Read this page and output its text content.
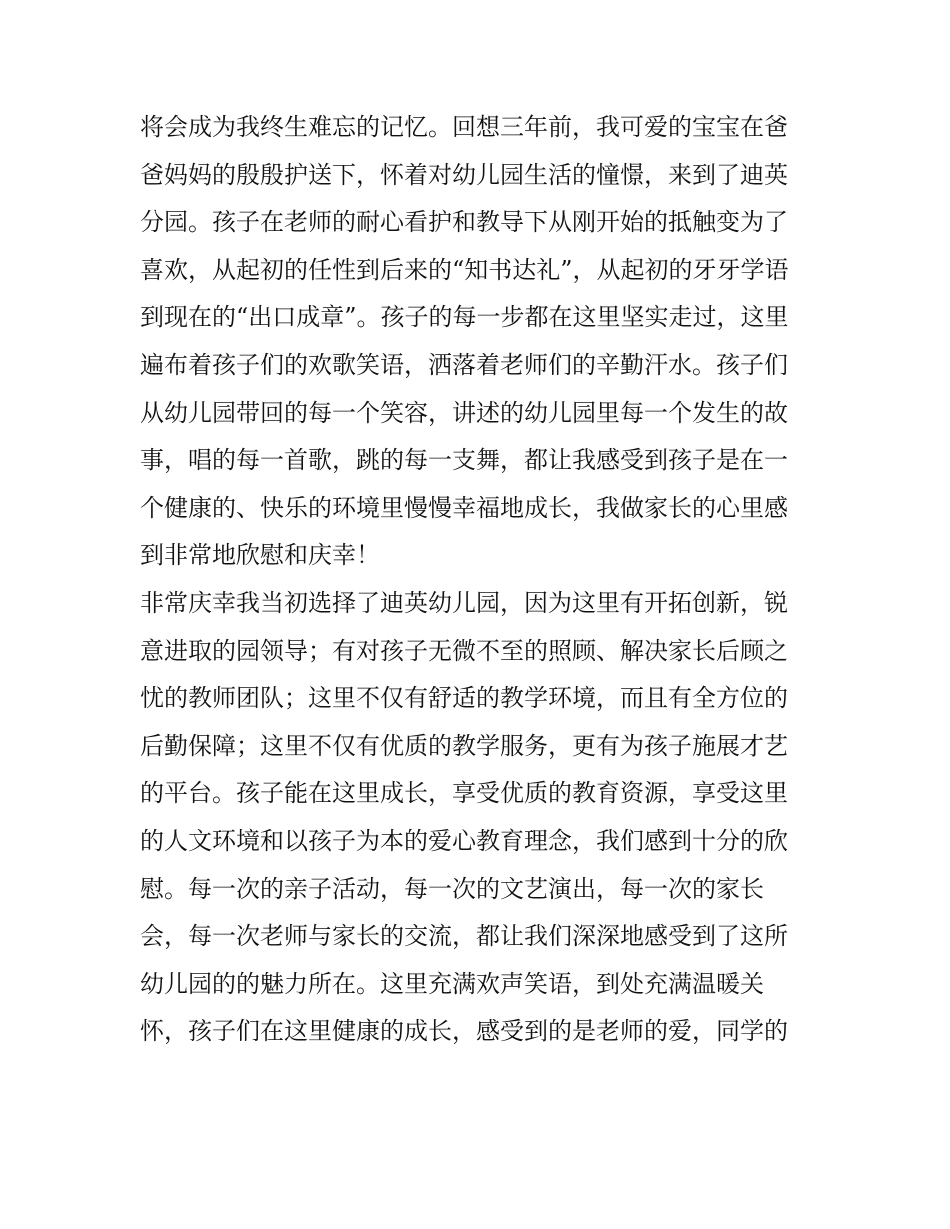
将会成为我终生难忘的记忆。回想三年前，我可爱的宝宝在爸
爸妈妈的殷殷护送下，怀着对幼儿园生活的憧憬，来到了迪英
分园。孩子在老师的耐心看护和教导下从刚开始的抵触变为了
喜欢，从起初的任性到后来的“知书达礼”，从起初的牙牙学语
到现在的“出口成章”。孩子的每一步都在这里坚实走过，这里
遍布着孩子们的欢歌笑语，洒落着老师们的辛勤汗水。孩子们
从幼儿园带回的每一个笑容，讲述的幼儿园里每一个发生的故
事，唱的每一首歌，跳的每一支舞，都让我感受到孩子是在一
个健康的、快乐的环境里慢慢幸福地成长，我做家长的心里感
到非常地欣慰和庆幸！
非常庆幸我当初选择了迪英幼儿园，因为这里有开拓创新，锐
意进取的园领导；有对孩子无微不至的照顾、解决家长后顾之
忧的教师团队；这里不仅有舒适的教学环境，而且有全方位的
后勤保障；这里不仅有优质的教学服务，更有为孩子施展才艺
的平台。孩子能在这里成长，享受优质的教育资源，享受这里
的人文环境和以孩子为本的爱心教育理念，我们感到十分的欣
慰。每一次的亲子活动，每一次的文艺演出，每一次的家长
会，每一次老师与家长的交流，都让我们深深地感受到了这所
幼儿园的的魅力所在。这里充满欢声笑语，到处充满温暖关
怀，孩子们在这里健康的成长，感受到的是老师的爱，同学的
